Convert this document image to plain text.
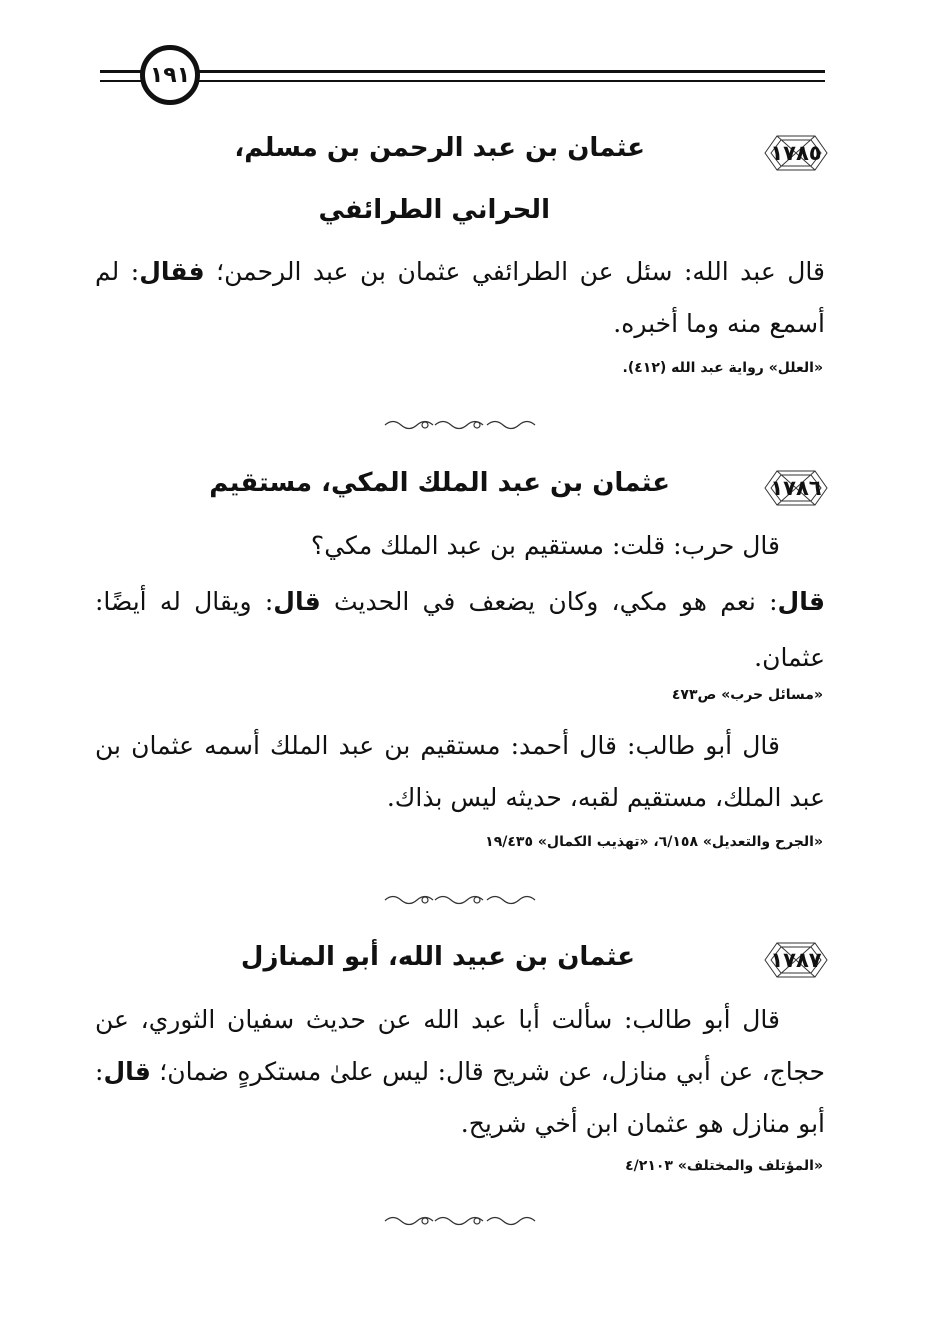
١٩١
١٧٨٥
عثمان بن عبد الرحمن بن مسلم،
الحراني الطرائفي
قال عبد الله: سئل عن الطرائفي عثمان بن عبد الرحمن؛ فقال: لم أسمع منه وما أخبره.
«العلل» رواية عبد الله (٤١٢).
١٧٨٦
عثمان بن عبد الملك المكي، مستقيم
قال حرب: قلت: مستقيم بن عبد الملك مكي؟
قال: نعم هو مكي، وكان يضعف في الحديث قال: ويقال له أيضًا: عثمان.
«مسائل حرب» ص٤٧٣
قال أبو طالب: قال أحمد: مستقيم بن عبد الملك أسمه عثمان بن عبد الملك، مستقيم لقبه، حديثه ليس بذاك.
«الجرح والتعديل» ٦/١٥٨، «تهذيب الكمال» ١٩/٤٣٥
١٧٨٧
عثمان بن عبيد الله، أبو المنازل
قال أبو طالب: سألت أبا عبد الله عن حديث سفيان الثوري، عن حجاج، عن أبي منازل، عن شريح قال: ليس علىٰ مستكرهٍ ضمان؛ قال: أبو منازل هو عثمان ابن أخي شريح.
«المؤتلف والمختلف» ٤/٢١٠٣
